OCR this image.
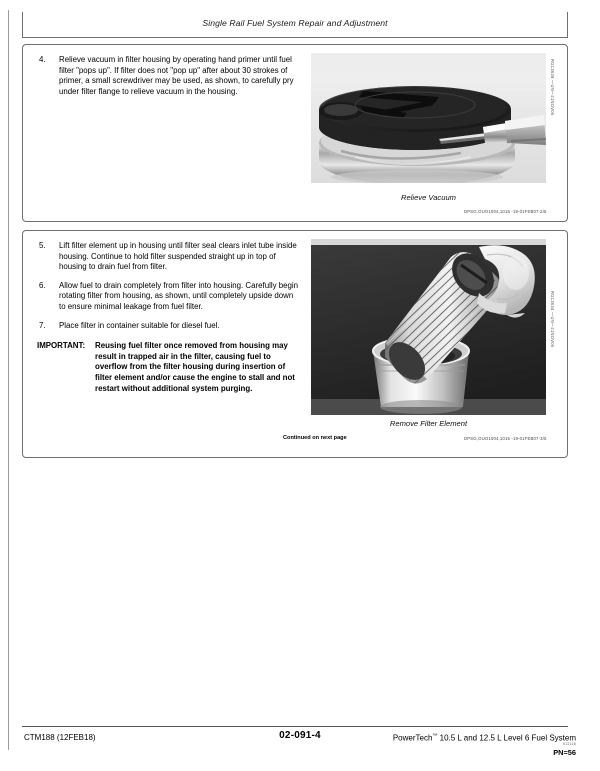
Single Rail Fuel System Repair and Adjustment
4. Relieve vacuum in filter housing by operating hand primer until fuel filter "pops up". If filter does not "pop up" after about 30 strokes of primer, a small screwdriver may be used, as shown, to carefully pry under filter flange to relieve vacuum in the housing.	RG13639 —UN—21NOV06
Relieve Vacuum
DPSG,OUO1004,1015 -19-01FEB07-2/5
5. Lift filter element up in housing until filter seal clears inlet tube inside housing. Continue to hold filter suspended straight up in top of housing to drain fuel from filter.
6. Allow fuel to drain completely from filter into housing. Carefully begin rotating filter from housing, as shown, until completely upside down to ensure minimal leakage from fuel filter.
7. Place filter in container suitable for diesel fuel.
IMPORTANT: Reusing fuel filter once removed from housing may result in trapped air in the filter, causing fuel to overflow from the filter housing during insertion of filter element and/or cause the engine to stall and not restart without additional system purging.
RG13634 —UN—21NOV06
Remove Filter Element
Continued on next page	DPSG,OUO1004,1015 -19-01FEB07-3/5
CTM188 (12FEB18)	02-091-4	PowerTech™ 10.5 L and 12.5 L Level 6 Fuel System
012118
PN=56
